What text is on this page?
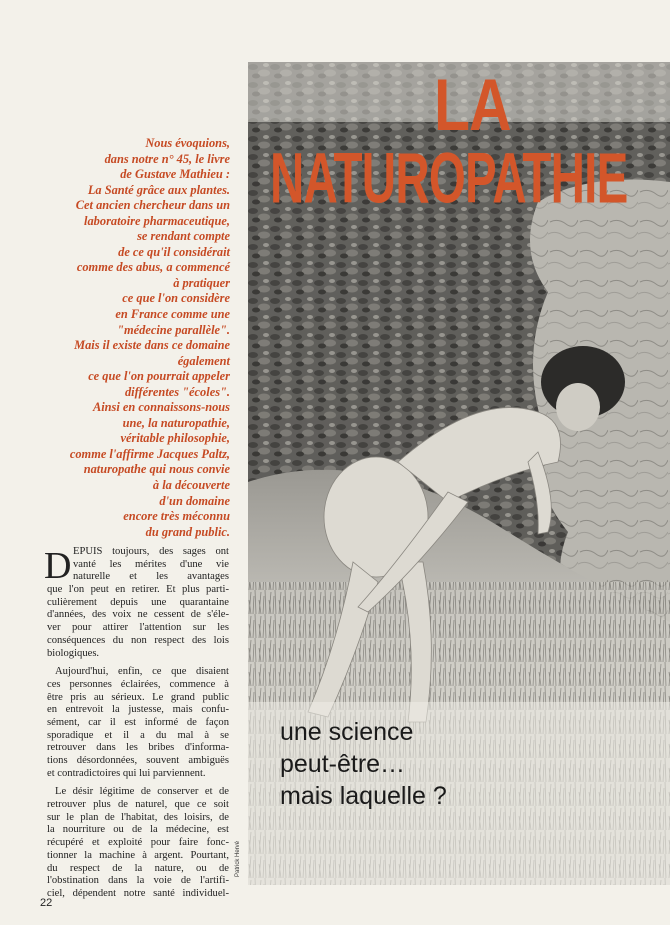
LA
NATUROPATHIE
une science
peut-être…
mais laquelle ?
Patrick Hervé
Nous évoquions,
dans notre n° 45, le livre
de Gustave Mathieu :
La Santé grâce aux plantes.
Cet ancien chercheur dans un
laboratoire pharmaceutique,
se rendant compte
de ce qu'il considérait
comme des abus, a commencé
à pratiquer
ce que l'on considère
en France comme une
"médecine parallèle".
Mais il existe dans ce domaine
également
ce que l'on pourrait appeler
différentes "écoles".
Ainsi en connaissons-nous
une, la naturopathie,
véritable philosophie,
comme l'affirme Jacques Paltz,
naturopathe qui nous convie
à la découverte
d'un domaine
encore très méconnu
du grand public.
D EPUIS toujours, des sages ont
vanté les mérites d'une vie
naturelle et les avantages
que l'on peut en retirer. Et plus parti-
culièrement depuis une quarantaine
d'années, des voix ne cessent de s'éle-
ver pour attirer l'attention sur les
conséquences du non respect des lois
biologiques.
Aujourd'hui, enfin, ce que disaient
ces personnes éclairées, commence à
être pris au sérieux. Le grand public
en entrevoit la justesse, mais confu-
sément, car il est informé de façon
sporadique et il a du mal à se
retrouver dans les bribes d'informa-
tions désordonnées, souvent ambiguës
et contradictoires qui lui parviennent.
Le désir légitime de conserver et de
retrouver plus de naturel, que ce soit
sur le plan de l'habitat, des loisirs, de
la nourriture ou de la médecine, est
récupéré et exploité pour faire fonc-
tionner la machine à argent. Pourtant,
du respect de la nature, ou de
l'obstination dans la voie de l'artifi-
ciel, dépendent notre santé individuel-
22
